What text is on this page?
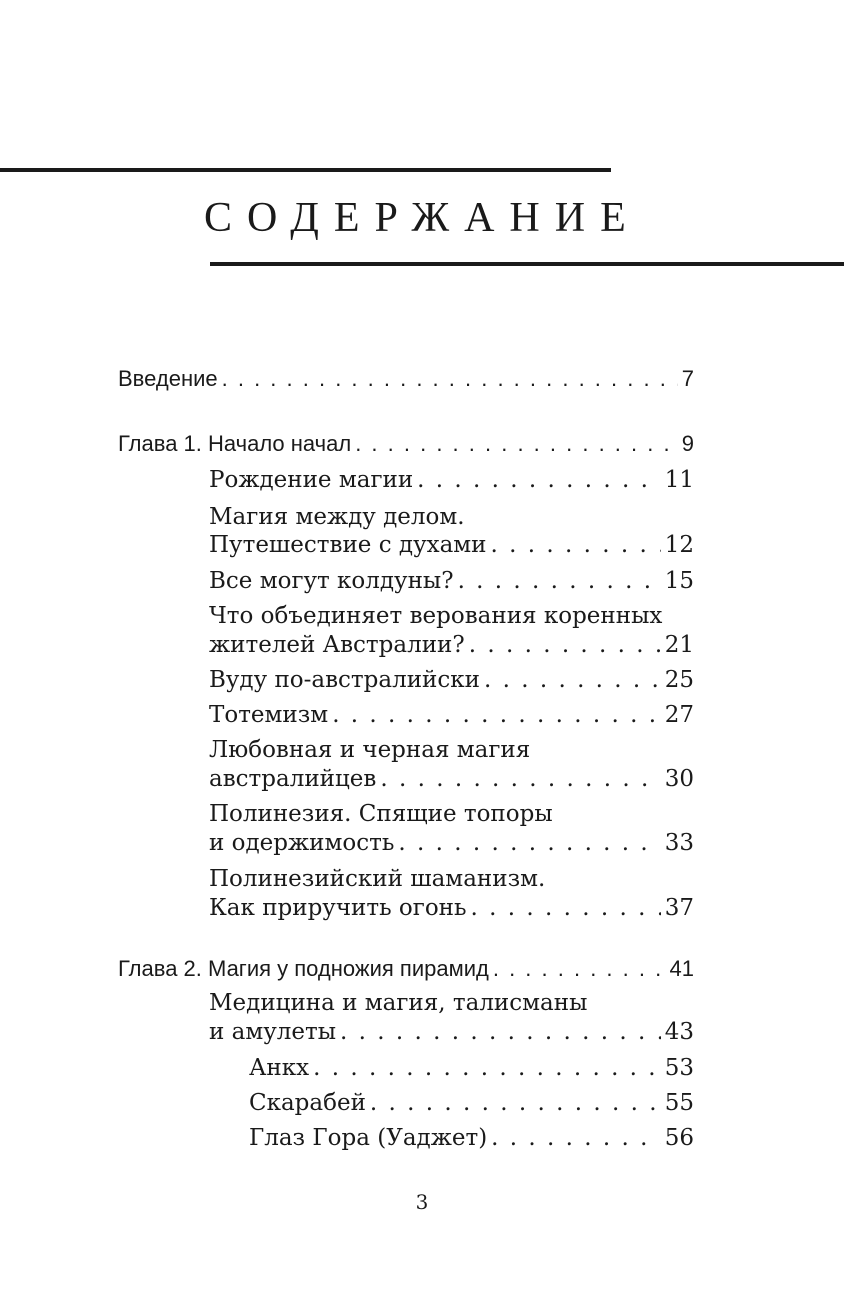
СОДЕРЖАНИЕ
Введение . . .	7
Глава 1. Начало начал . . .	9
Рождение магии . . .	11
Магия между делом.
Путешествие с духами . . .	12
Все могут колдуны? . . .	15
Что объединяет верования коренных
жителей Австралии? . . .	21
Вуду по-австралийски . . .	25
Тотемизм . . .	27
Любовная и черная магия
австралийцев . . .	30
Полинезия. Спящие топоры
и одержимость . . .	33
Полинезийский шаманизм.
Как приручить огонь . . .	37
Глава 2. Магия у подножия пирамид . . .	41
Медицина и магия, талисманы
и амулеты . . .	43
Анкх . . .	53
Скарабей . . .	55
Глаз Гора (Уаджет) . . .	56
3
